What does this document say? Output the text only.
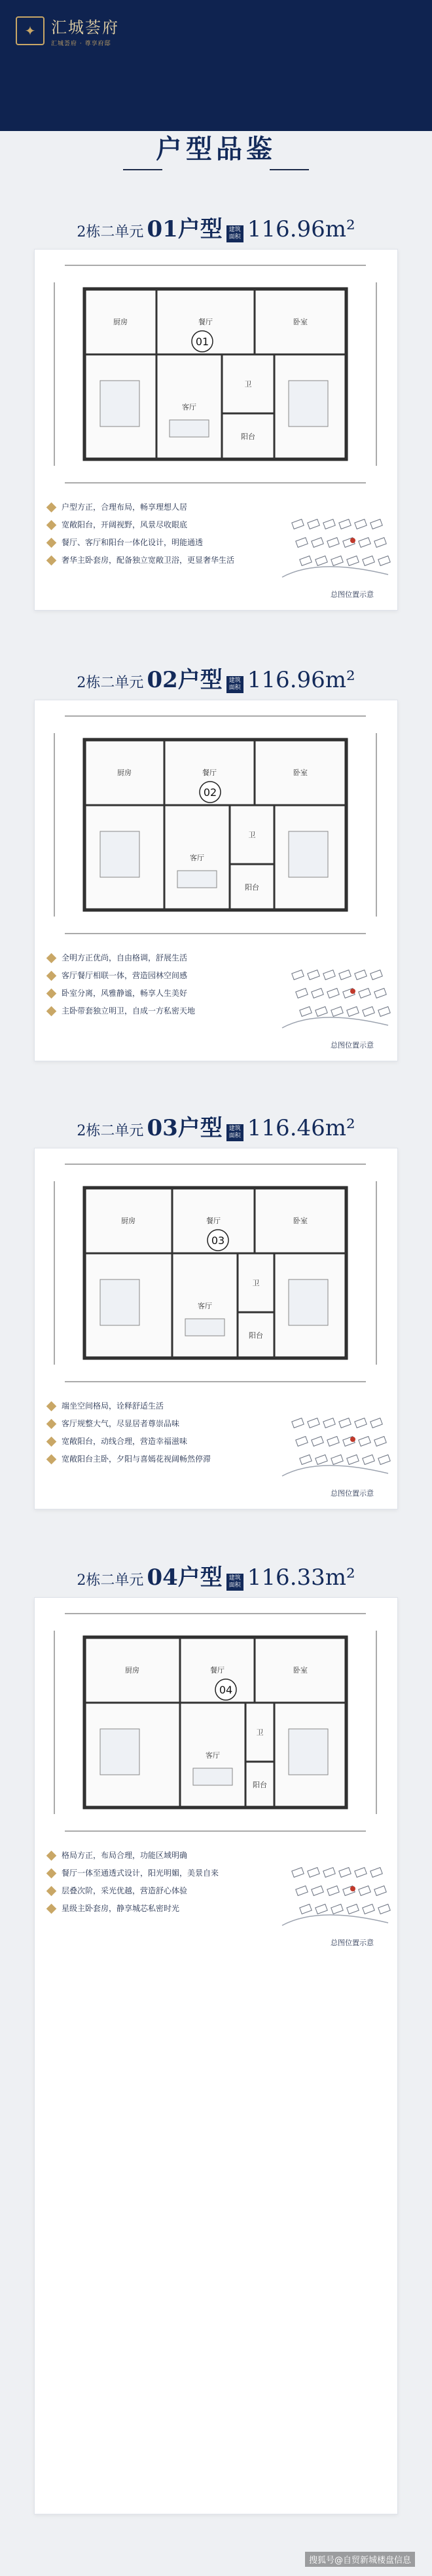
✦ 汇城荟府
汇城荟府 · 尊享府邸
户型品鉴
2栋二单元 01户型 建筑
面积 116.96m²
厨房	餐厅	卧室
客厅
卫
阳台
01
户型方正，合理布局，畅享理想人居
宽敞阳台，开阔视野，风景尽收眼底
餐厅、客厅和阳台一体化设计，明能通透
奢华主卧套房，配备独立宽敞卫浴，更显奢华生活
总图位置示意
2栋二单元 02户型 建筑
面积 116.96m²
厨房	餐厅	卧室
客厅
卫
阳台
02
全明方正优尚，自由格调，舒展生活
客厅餐厅相联一体，营造园林空间感
卧室分离，风雅静谧，畅享人生美好
主卧带套独立明卫，自成一方私密天地
总图位置示意
2栋二单元 03户型 建筑
面积 116.46m²
厨房	餐厅	卧室
客厅
卫
阳台
03
端坐空间格局，诠释舒适生活
客厅规整大气，尽显居者尊崇品味
宽敞阳台，动线合理，营造幸福滋味
宽敞阳台主卧，夕阳与喜嫣花视阔畅然停滞
总图位置示意
2栋二单元 04户型 建筑
面积 116.33m²
厨房	餐厅	卧室
客厅
卫
阳台
04
格局方正，布局合理，功能区域明确
餐厅一体至通透式设计，阳光明媚，美景自来
层叠次阶，采光优越，营造舒心体验
星级主卧套房，静享城芯私密时光
总图位置示意
搜狐号@自贸新城楼盘信息
